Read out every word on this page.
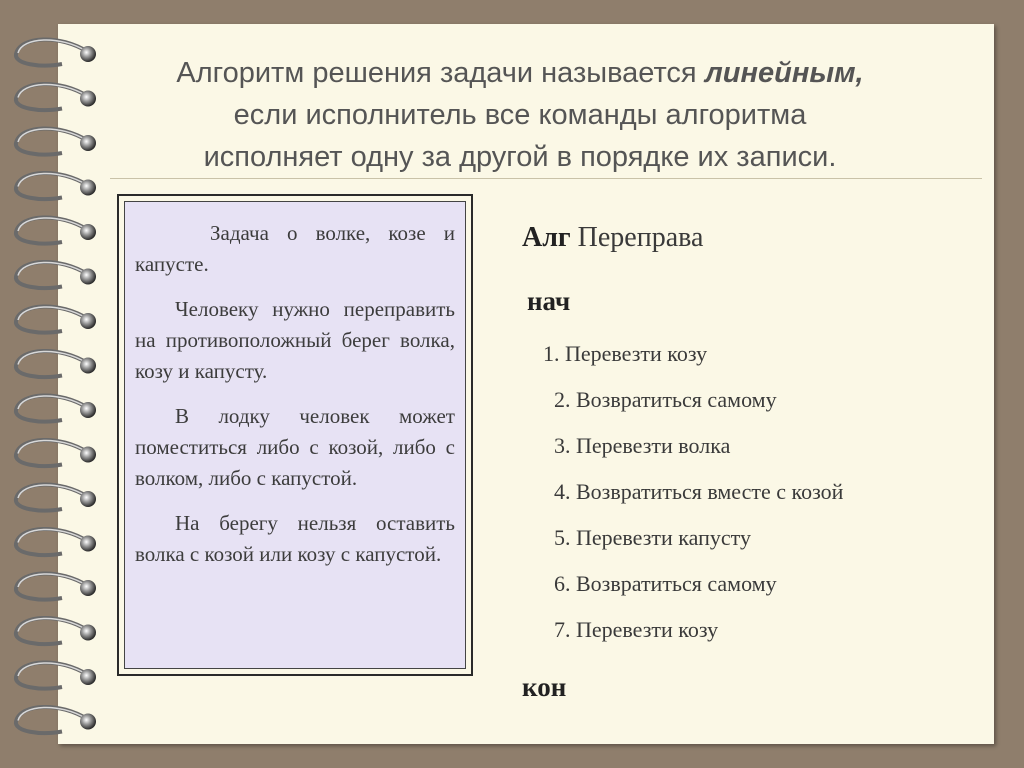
Алгоритм решения задачи называется линейным,
если исполнитель все команды алгоритма
исполняет одну за другой в порядке их записи.

Задача о волке, козе и капусте.

Человеку нужно переправить на противоположный берег волка, козу и капусту.

В лодку человек может поместиться либо с козой, либо с волком, либо с капустой.

На берегу нельзя оставить волка с козой или козу с капустой.

Алг Переправа
нач
1. Перевезти козу
2. Возвратиться самому
3. Перевезти волка
4. Возвратиться вместе с козой
5. Перевезти капусту
6. Возвратиться самому
7. Перевезти козу
кон
